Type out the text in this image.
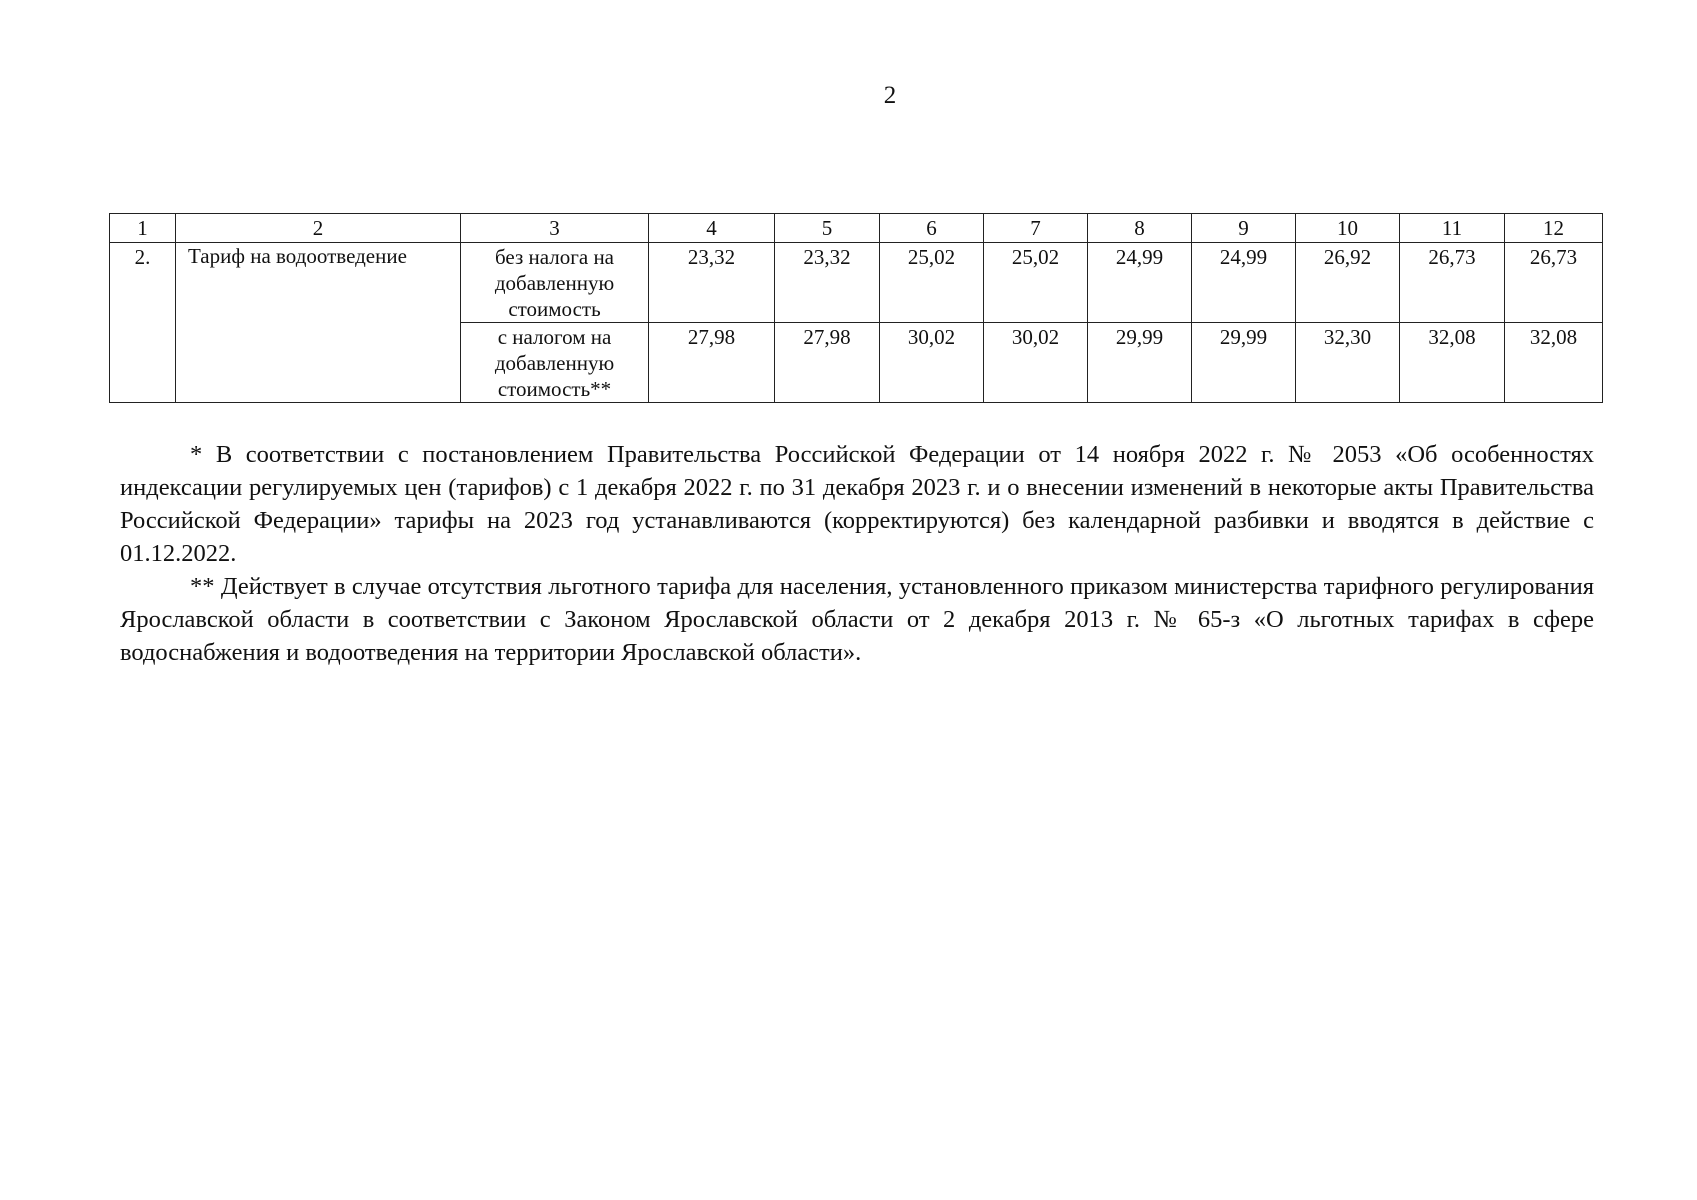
2
1	2	3	4	5	6	7	8	9	10	11	12
2.	Тариф на водоотведение	без налога на добавленную стоимость	23,32	23,32	25,02	25,02	24,99	24,99	26,92	26,73	26,73
		с налогом на добавленную стоимость**	27,98	27,98	30,02	30,02	29,99	29,99	32,30	32,08	32,08

* В соответствии с постановлением Правительства Российской Федерации от 14 ноября 2022 г. № 2053 «Об особенностях индексации регулируемых цен (тарифов) с 1 декабря 2022 г. по 31 декабря 2023 г. и о внесении изменений в некоторые акты Правительства Российской Федерации» тарифы на 2023 год устанавливаются (корректируются) без календарной разбивки и вводятся в действие с 01.12.2022.

** Действует в случае отсутствия льготного тарифа для населения, установленного приказом министерства тарифного регулирования Ярославской области в соответствии с Законом Ярославской области от 2 декабря 2013 г. № 65-з «О льготных тарифах в сфере водоснабжения и водоотведения на территории Ярославской области».
